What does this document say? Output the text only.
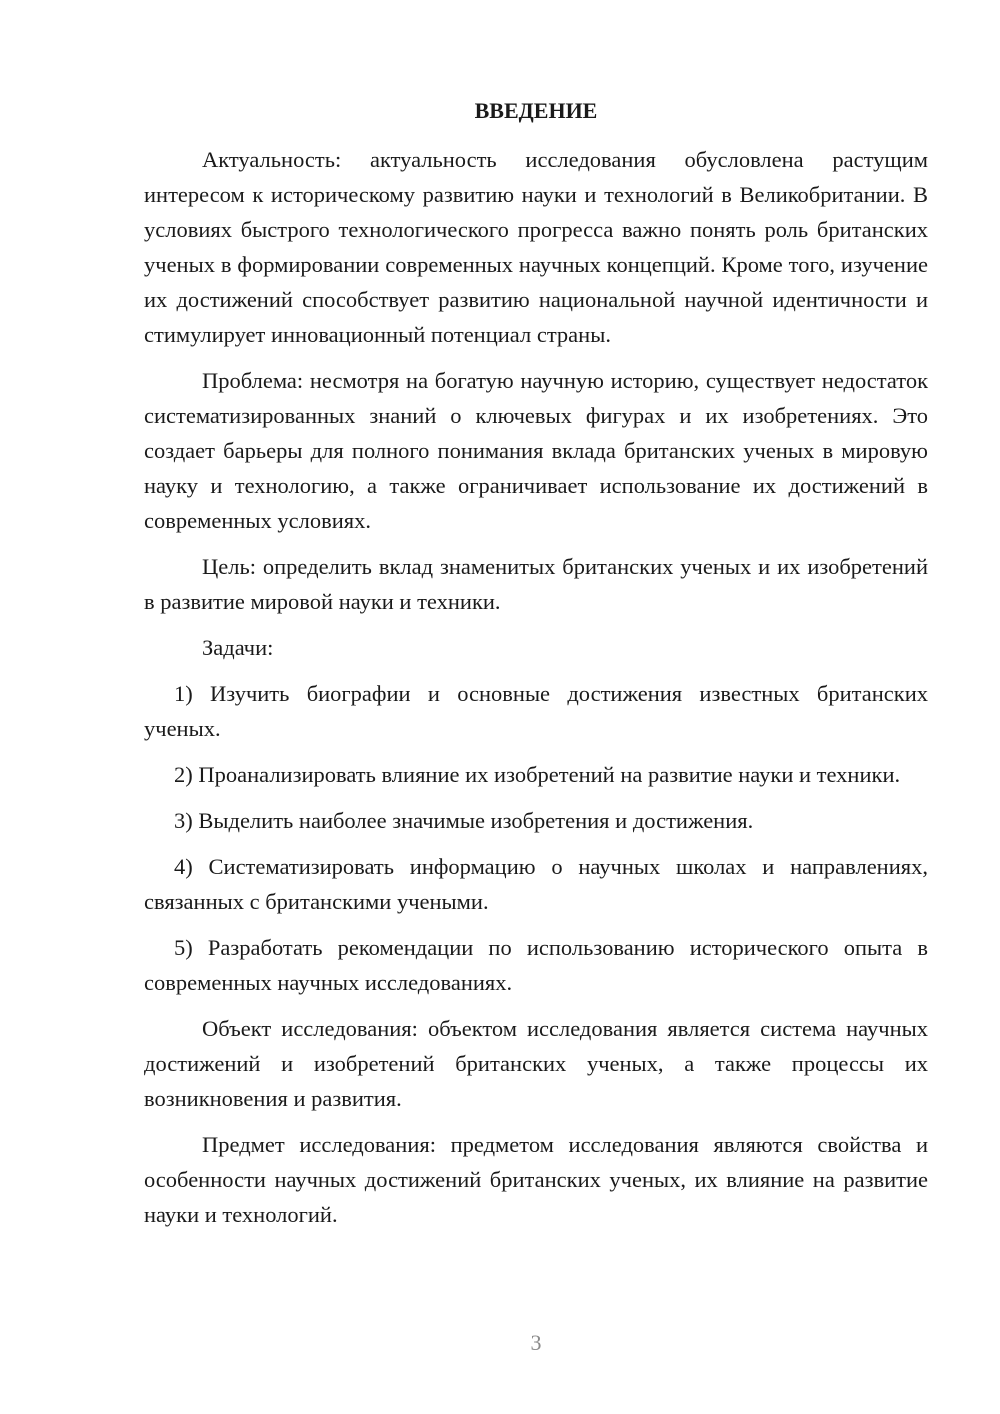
ВВЕДЕНИЕ

Актуальность: актуальность исследования обусловлена растущим интересом к историческому развитию науки и технологий в Великобритании. В условиях быстрого технологического прогресса важно понять роль британских ученых в формировании современных научных концепций. Кроме того, изучение их достижений способствует развитию национальной научной идентичности и стимулирует инновационный потенциал страны.

Проблема: несмотря на богатую научную историю, существует недостаток систематизированных знаний о ключевых фигурах и их изобретениях. Это создает барьеры для полного понимания вклада британских ученых в мировую науку и технологию, а также ограничивает использование их достижений в современных условиях.

Цель: определить вклад знаменитых британских ученых и их изобретений в развитие мировой науки и техники.

Задачи:

1) Изучить биографии и основные достижения известных британских ученых.

2) Проанализировать влияние их изобретений на развитие науки и техники.

3) Выделить наиболее значимые изобретения и достижения.

4) Систематизировать информацию о научных школах и направлениях, связанных с британскими учеными.

5) Разработать рекомендации по использованию исторического опыта в современных научных исследованиях.

Объект исследования: объектом исследования является система научных достижений и изобретений британских ученых, а также процессы их возникновения и развития.

Предмет исследования: предметом исследования являются свойства и особенности научных достижений британских ученых, их влияние на развитие науки и технологий.

3
